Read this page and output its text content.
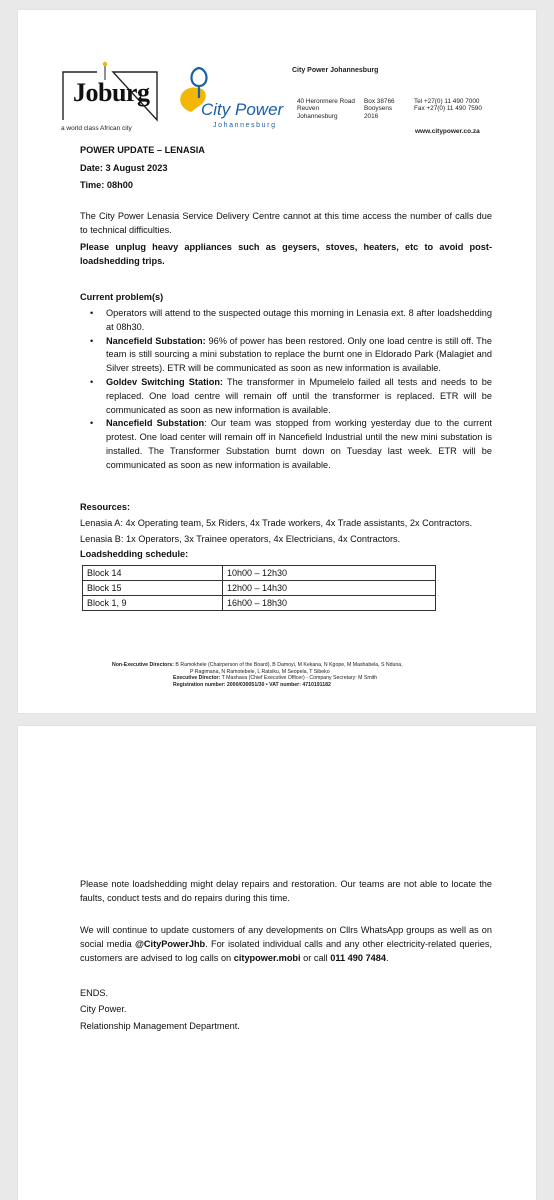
Joburg
a world class African city
City Power
Johannesburg
City Power Johannesburg
40 Heronmere Road
Reuven
Johannesburg
Box 38766
Booysens
2016
Tel +27(0) 11 490 7000
Fax +27(0) 11 490 7590
www.citypower.co.za
POWER UPDATE – LENASIA
Date: 3 August 2023
Time: 08h00
The City Power Lenasia Service Delivery Centre cannot at this time access the number of calls due to technical difficulties.
Please unplug heavy appliances such as geysers, stoves, heaters, etc to avoid post-loadshedding trips.
Current problem(s)
• Operators will attend to the suspected outage this morning in Lenasia ext. 8 after loadshedding at 08h30.
• Nancefield Substation: 96% of power has been restored. Only one load centre is still off. The team is still sourcing a mini substation to replace the burnt one in Eldorado Park (Malagiet and Silver streets). ETR will be communicated as soon as new information is available.
• Goldev Switching Station: The transformer in Mpumelelo failed all tests and needs to be replaced. One load centre will remain off until the transformer is replaced. ETR will be communicated as soon as new information is available.
• Nancefield Substation: Our team was stopped from working yesterday due to the current protest. One load center will remain off in Nancefield Industrial until the new mini substation is installed. The Transformer Substation burnt down on Tuesday last week. ETR will be communicated as soon as new information is available.
Resources:
Lenasia A: 4x Operating team, 5x Riders, 4x Trade workers, 4x Trade assistants, 2x Contractors.
Lenasia B: 1x Operators, 3x Trainee operators, 4x Electricians, 4x Contractors.
Loadshedding schedule:
Block 14	10h00 – 12h30
Block 15	12h00 – 14h30
Block 1, 9	16h00 – 18h30
Non-Executive Directors: B Ramokhele (Chairperson of the Board), B Damoyi, M Kekana, N Kgope, M Mashabela, S Nduna,
P Ragimana, N Ramotebele, L Ratsiku, M Seopela, T Sibeko
Executive Director: T Mashava (Chief Executive Officer) - Company Secretary: M Smith
Registration number: 2000/030051/30 • VAT number: 4710191182
Please note loadshedding might delay repairs and restoration. Our teams are not able to locate the faults, conduct tests and do repairs during this time.
We will continue to update customers of any developments on Cllrs WhatsApp groups as well as on social media @CityPowerJhb. For isolated individual calls and any other electricity-related queries, customers are advised to log calls on citypower.mobi or call 011 490 7484.
ENDS.
City Power.
Relationship Management Department.
